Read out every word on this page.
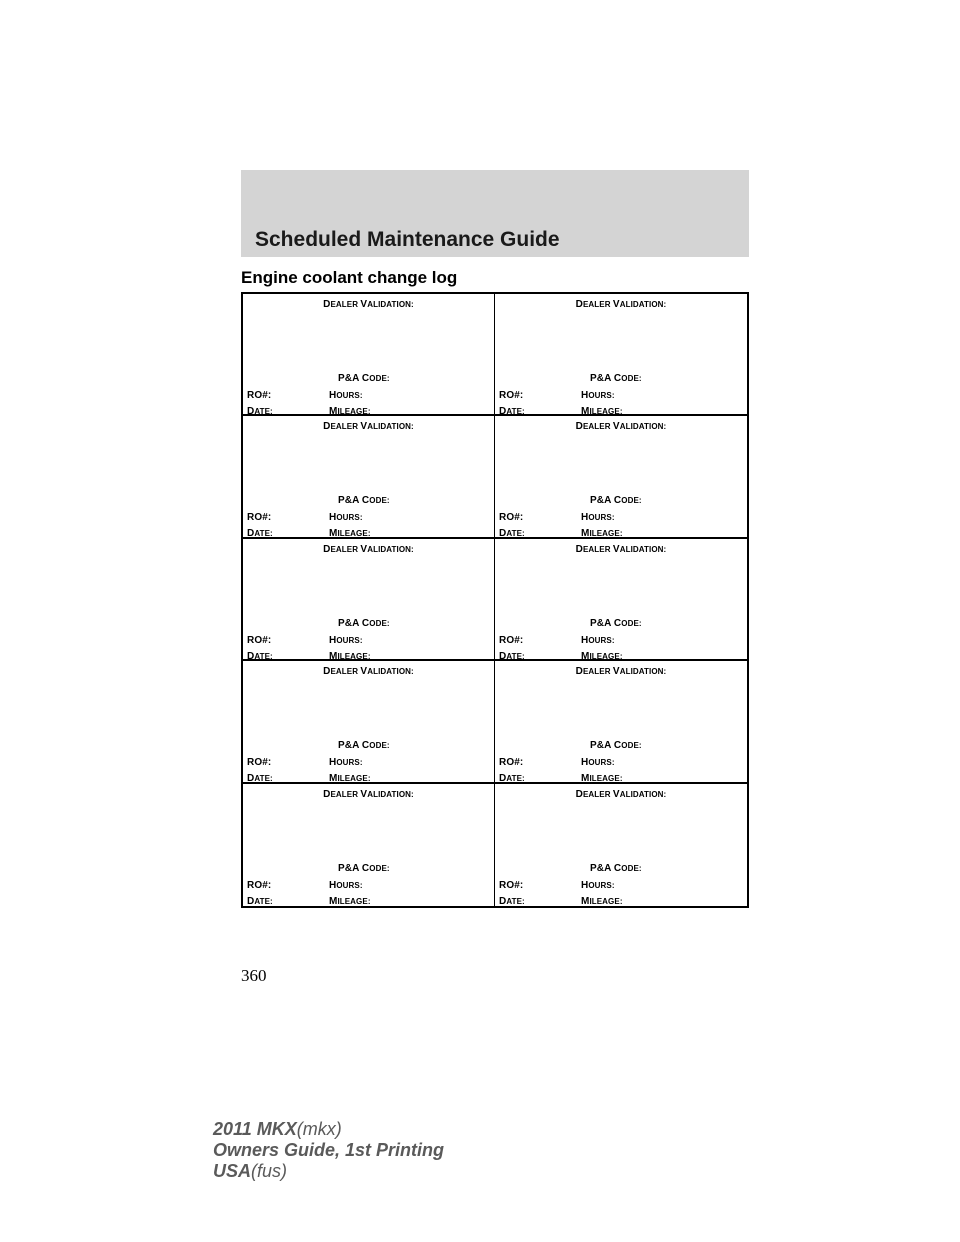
Scheduled Maintenance Guide
Engine coolant change log
DEALER VALIDATION:
P&A CODE:
RO#:	HOURS:
DATE:	MILEAGE:
DEALER VALIDATION:
P&A CODE:
RO#:	HOURS:
DATE:	MILEAGE:
DEALER VALIDATION:
P&A CODE:
RO#:	HOURS:
DATE:	MILEAGE:
DEALER VALIDATION:
P&A CODE:
RO#:	HOURS:
DATE:	MILEAGE:
DEALER VALIDATION:
P&A CODE:
RO#:	HOURS:
DATE:	MILEAGE:
DEALER VALIDATION:
P&A CODE:
RO#:	HOURS:
DATE:	MILEAGE:
DEALER VALIDATION:
P&A CODE:
RO#:	HOURS:
DATE:	MILEAGE:
DEALER VALIDATION:
P&A CODE:
RO#:	HOURS:
DATE:	MILEAGE:
DEALER VALIDATION:
P&A CODE:
RO#:	HOURS:
DATE:	MILEAGE:
DEALER VALIDATION:
P&A CODE:
RO#:	HOURS:
DATE:	MILEAGE:
360
2011 MKX(mkx)
Owners Guide, 1st Printing
USA(fus)
